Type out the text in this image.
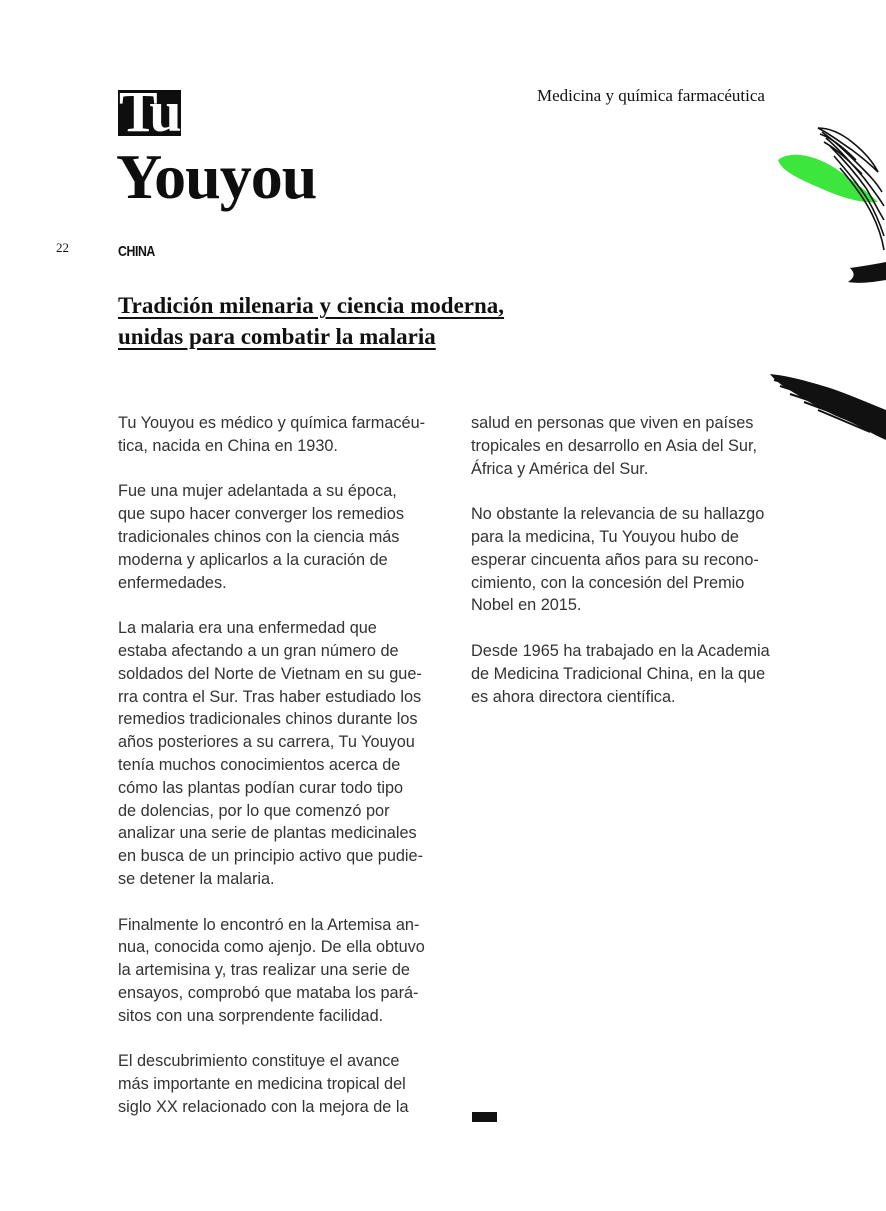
Medicina y química farmacéutica
Tu
Youyou
22	CHINA
Tradición milenaria y ciencia moderna,
unidas para combatir la malaria

Tu Youyou es médico y química farmacéu-
tica, nacida en China en 1930.

Fue una mujer adelantada a su época,
que supo hacer converger los remedios
tradicionales chinos con la ciencia más
moderna y aplicarlos a la curación de
enfermedades.

La malaria era una enfermedad que
estaba afectando a un gran número de
soldados del Norte de Vietnam en su gue-
rra contra el Sur. Tras haber estudiado los
remedios tradicionales chinos durante los
años posteriores a su carrera, Tu Youyou
tenía muchos conocimientos acerca de
cómo las plantas podían curar todo tipo
de dolencias, por lo que comenzó por
analizar una serie de plantas medicinales
en busca de un principio activo que pudie-
se detener la malaria.

Finalmente lo encontró en la Artemisa an-
nua, conocida como ajenjo. De ella obtuvo
la artemisina y, tras realizar una serie de
ensayos, comprobó que mataba los pará-
sitos con una sorprendente facilidad.

El descubrimiento constituye el avance
más importante en medicina tropical del
siglo XX relacionado con la mejora de la

salud en personas que viven en países
tropicales en desarrollo en Asia del Sur,
África y América del Sur.

No obstante la relevancia de su hallazgo
para la medicina, Tu Youyou hubo de
esperar cincuenta años para su recono-
cimiento, con la concesión del Premio
Nobel en 2015.

Desde 1965 ha trabajado en la Academia
de Medicina Tradicional China, en la que
es ahora directora científica.
